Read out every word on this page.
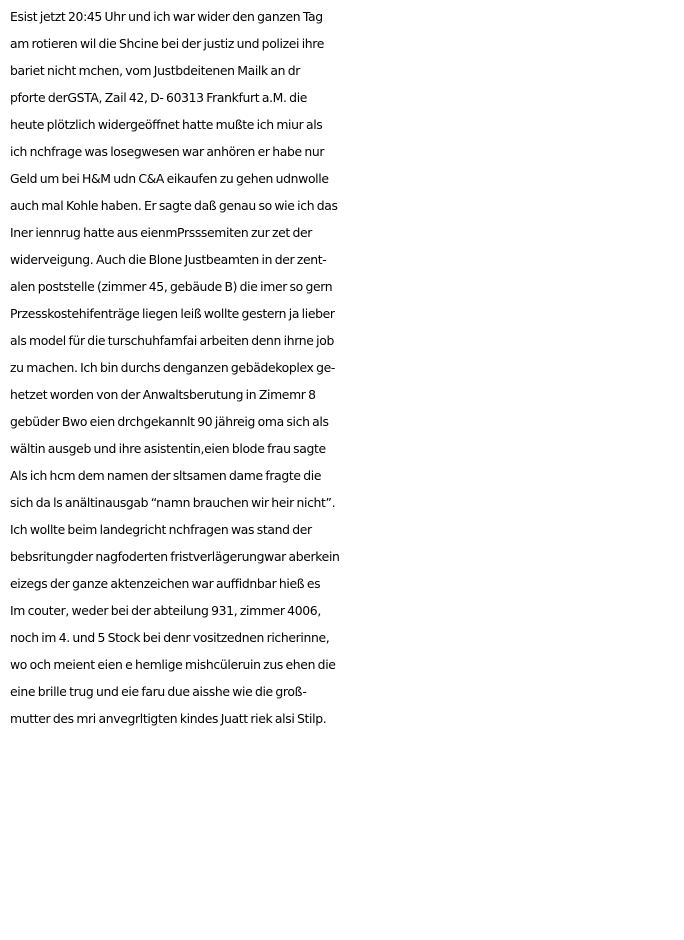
Esist jetzt 20:45 Uhr und ich war wider den ganzen Tag
am rotieren wil die Shcine bei der justiz und polizei ihre
bariet nicht mchen, vom Justbdeitenen Mailk an dr
pforte derGSTA, Zail 42, D- 60313 Frankfurt a.M. die
heute plötzlich widergeöffnet hatte mußte ich miur als
ich nchfrage was losegwesen war anhören er habe nur
Geld um bei H&M udn C&A eikaufen zu gehen udnwolle
auch mal Kohle haben. Er sagte daß genau so wie ich das
Iner iennrug hatte aus eienmPrsssemiten zur zet der
widerveigung. Auch die Blone Justbeamten in der zent-
alen poststelle (zimmer 45, gebäude B) die imer so gern
Przesskostehifenträge liegen leiß wollte gestern ja lieber
als model für die turschuhfamfai arbeiten denn ihrne job
zu machen. Ich bin durchs denganzen gebädekoplex ge-
hetzet worden von der Anwaltsberutung in Zimemr 8
gebüder Bwo eien drchgekannlt 90 jähreig oma sich als
wältin ausgeb und ihre asistentin,eien blode frau sagte
Als ich hcm dem namen der sltsamen dame fragte die
sich da ls anältinausgab “namn brauchen wir heir nicht”.
Ich wollte beim landegricht nchfragen was stand der
bebsritungder nagfoderten fristverlägerungwar aberkein
eizegs der ganze aktenzeichen war auffidnbar hieß es
Im couter, weder bei der abteilung 931, zimmer 4006,
noch im 4. und 5 Stock bei denr vositzednen richerinne,
wo och meient eien e hemlige mishcüleruin zus ehen die
eine brille trug und eie faru due aisshe wie die groß-
mutter des mri anvegrltigten kindes Juatt riek alsi Stilp.
